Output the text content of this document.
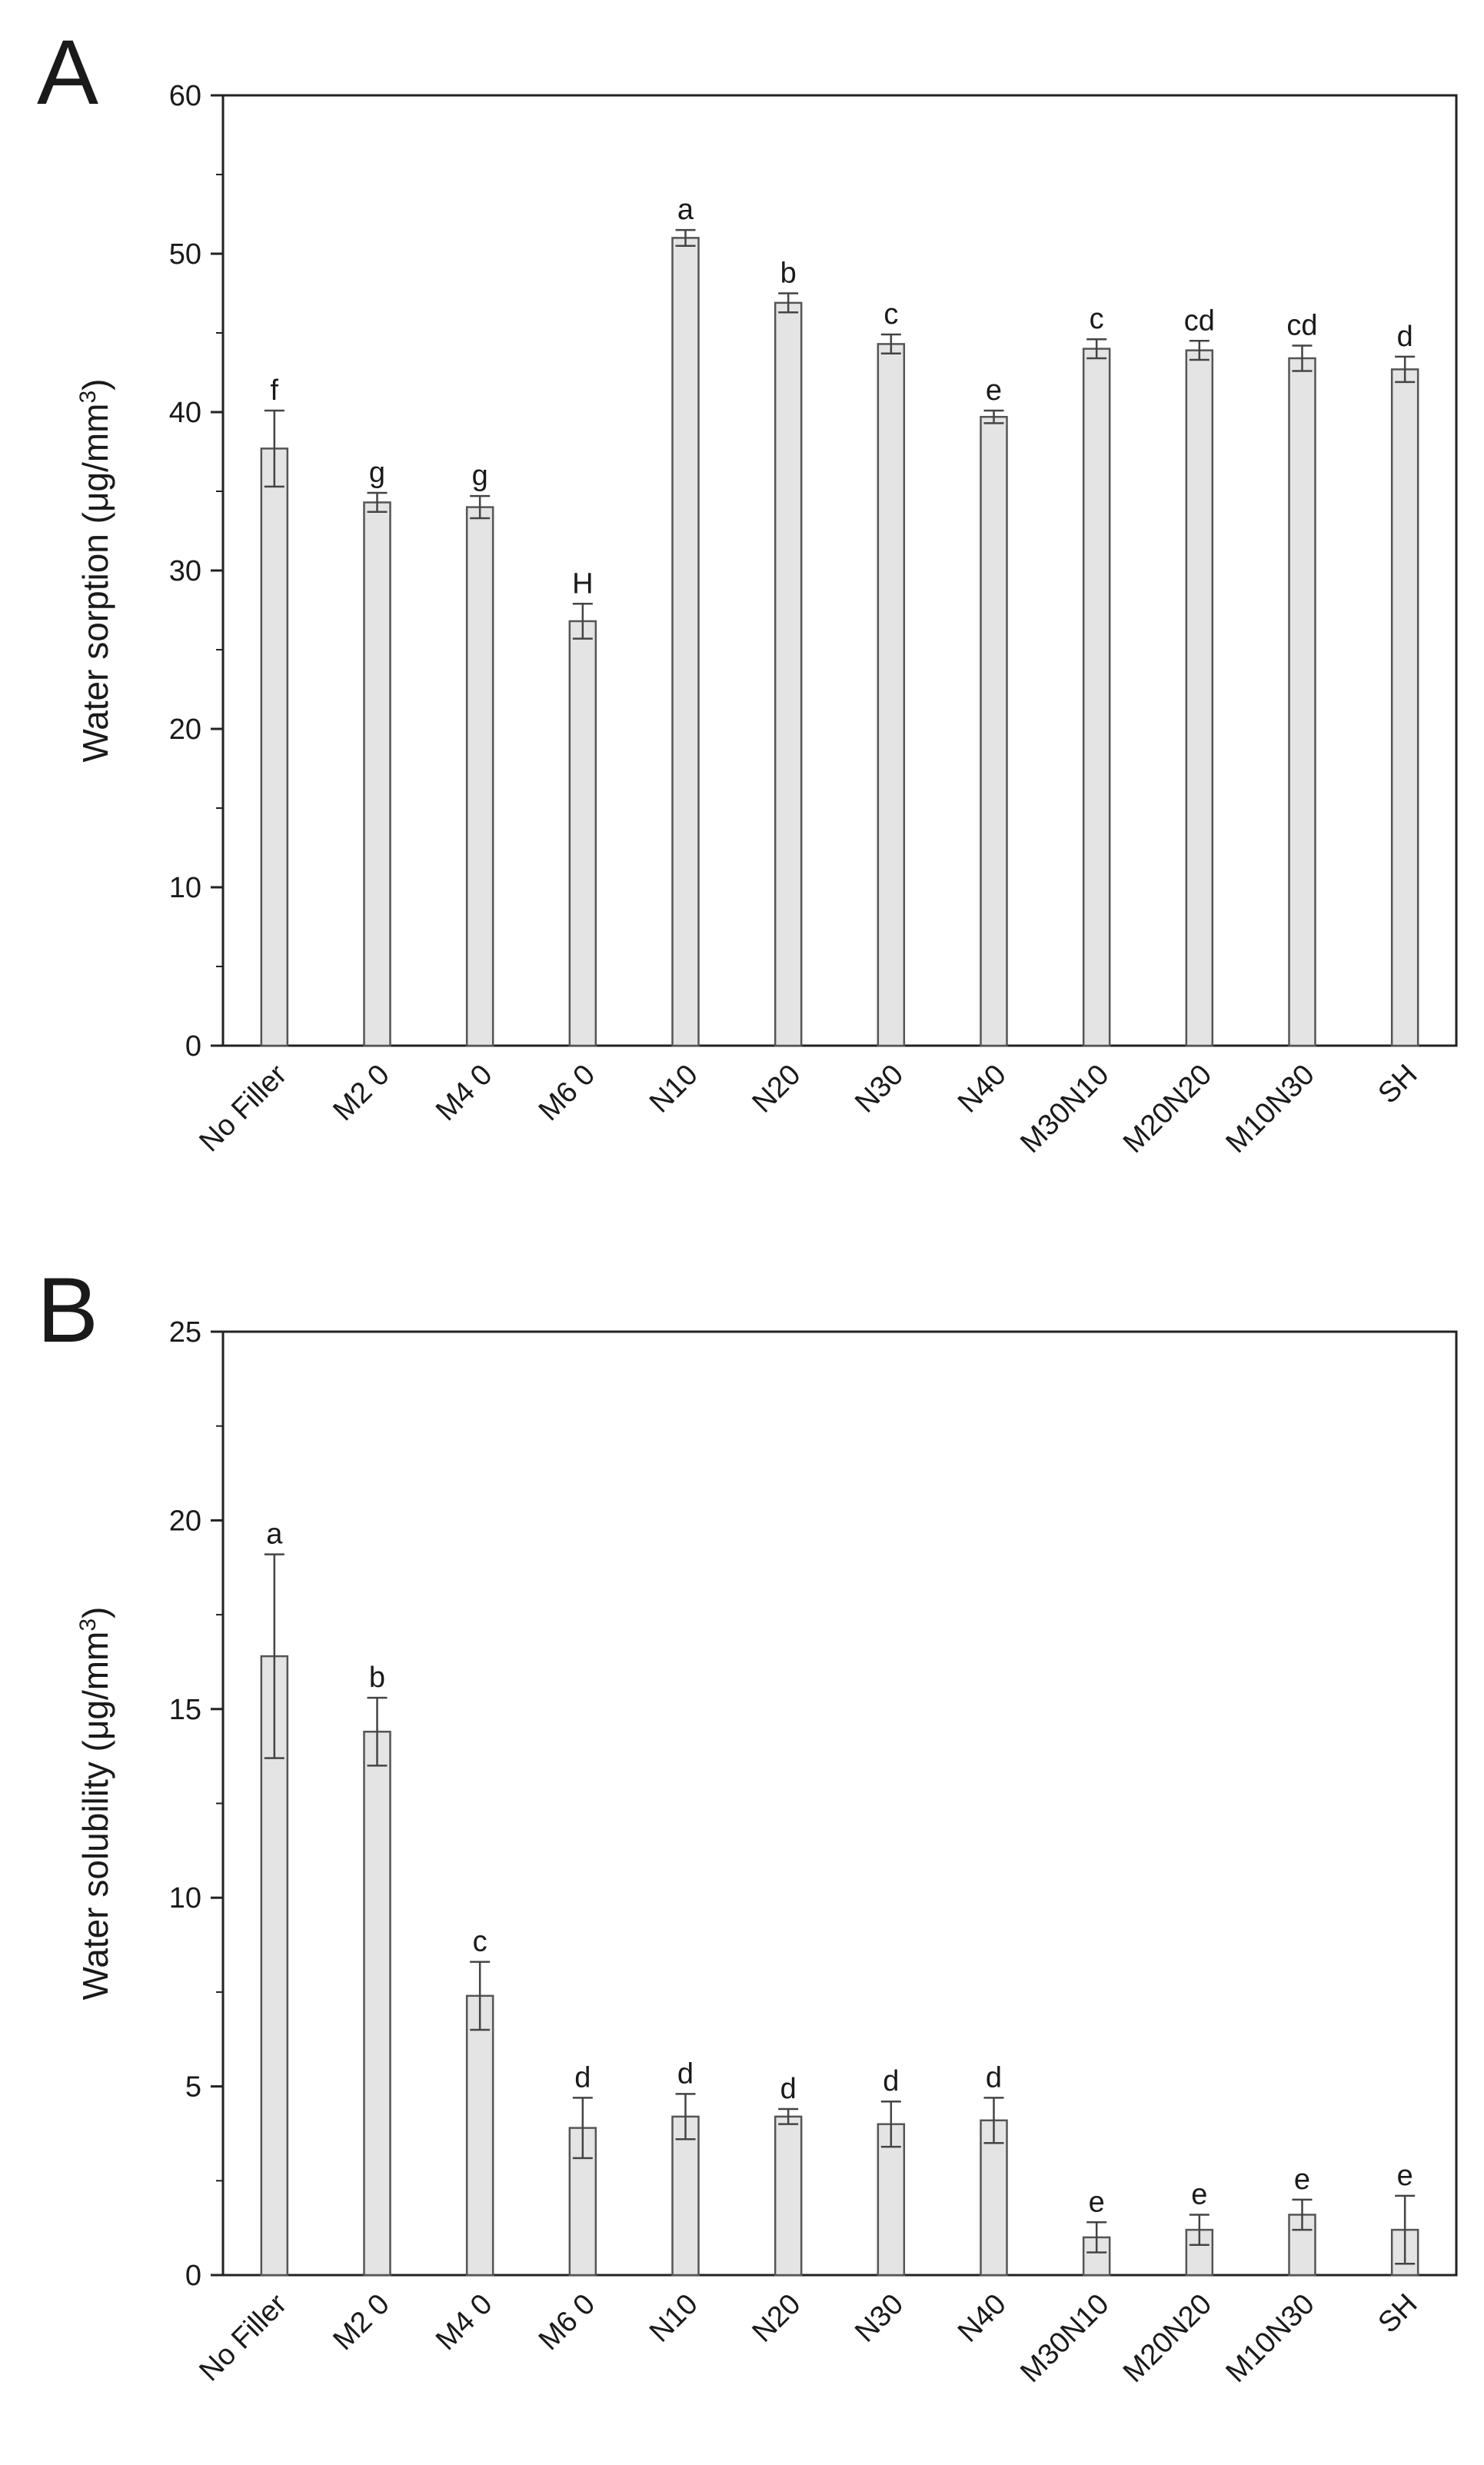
A
0
10
20
30
40
50
60
Water sorption $(\mu g/mm^3)$	f
No Filler
g
M2 0
g
M4 0
H
M6 0
a
N10
b
N20
c
N30
e
N40
c
M30N10
cd
M20N20
cd
M10N30
d
SH
B
0
5
10
15
20
25
Water solubility $(\mu g/mm^3)$
a
No Filler
b
M2 0
c
M4 0
d
M6 0
d
N10
d
N20
d
N30
d
N40
e
M30N10
e
M20N20
e
M10N30
e
SH
